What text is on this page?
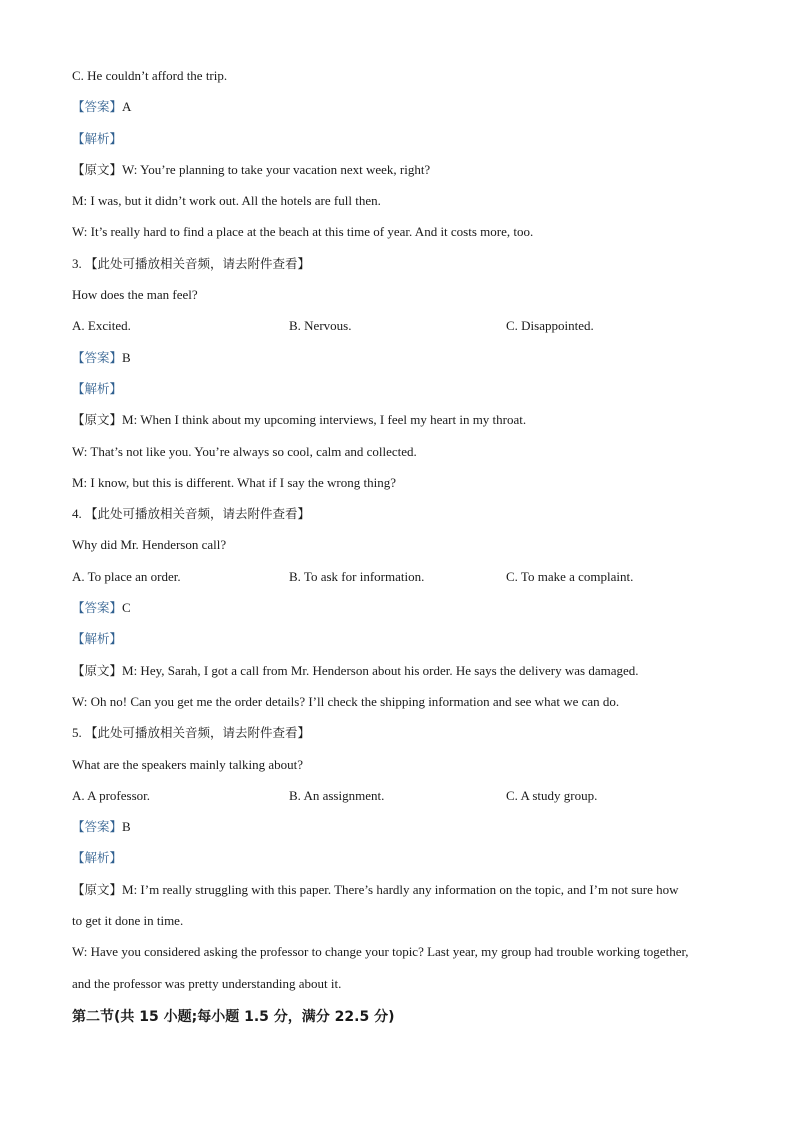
C. He couldn’t afford the trip.
【答案】A
【解析】
【原文】W: You’re planning to take your vacation next week, right?
M: I was, but it didn’t work out. All the hotels are full then.
W: It’s really hard to find a place at the beach at this time of year. And it costs more, too.
3. 【此处可播放相关音频，请去附件查看】
How does the man feel?
A. Excited.	B. Nervous.	C. Disappointed.
【答案】B
【解析】
【原文】M: When I think about my upcoming interviews, I feel my heart in my throat.
W: That’s not like you. You’re always so cool, calm and collected.
M: I know, but this is different. What if I say the wrong thing?
4. 【此处可播放相关音频，请去附件查看】
Why did Mr. Henderson call?
A. To place an order.	B. To ask for information.	C. To make a complaint.
【答案】C
【解析】
【原文】M: Hey, Sarah, I got a call from Mr. Henderson about his order. He says the delivery was damaged.
W: Oh no! Can you get me the order details? I’ll check the shipping information and see what we can do.
5. 【此处可播放相关音频，请去附件查看】
What are the speakers mainly talking about?
A. A professor.	B. An assignment.	C. A study group.
【答案】B
【解析】
【原文】M: I’m really struggling with this paper. There’s hardly any information on the topic, and I’m not sure how
to get it done in time.
W: Have you considered asking the professor to change your topic? Last year, my group had trouble working together,
and the professor was pretty understanding about it.
第二节(共 15 小题;每小题 1.5 分，满分 22.5 分)
